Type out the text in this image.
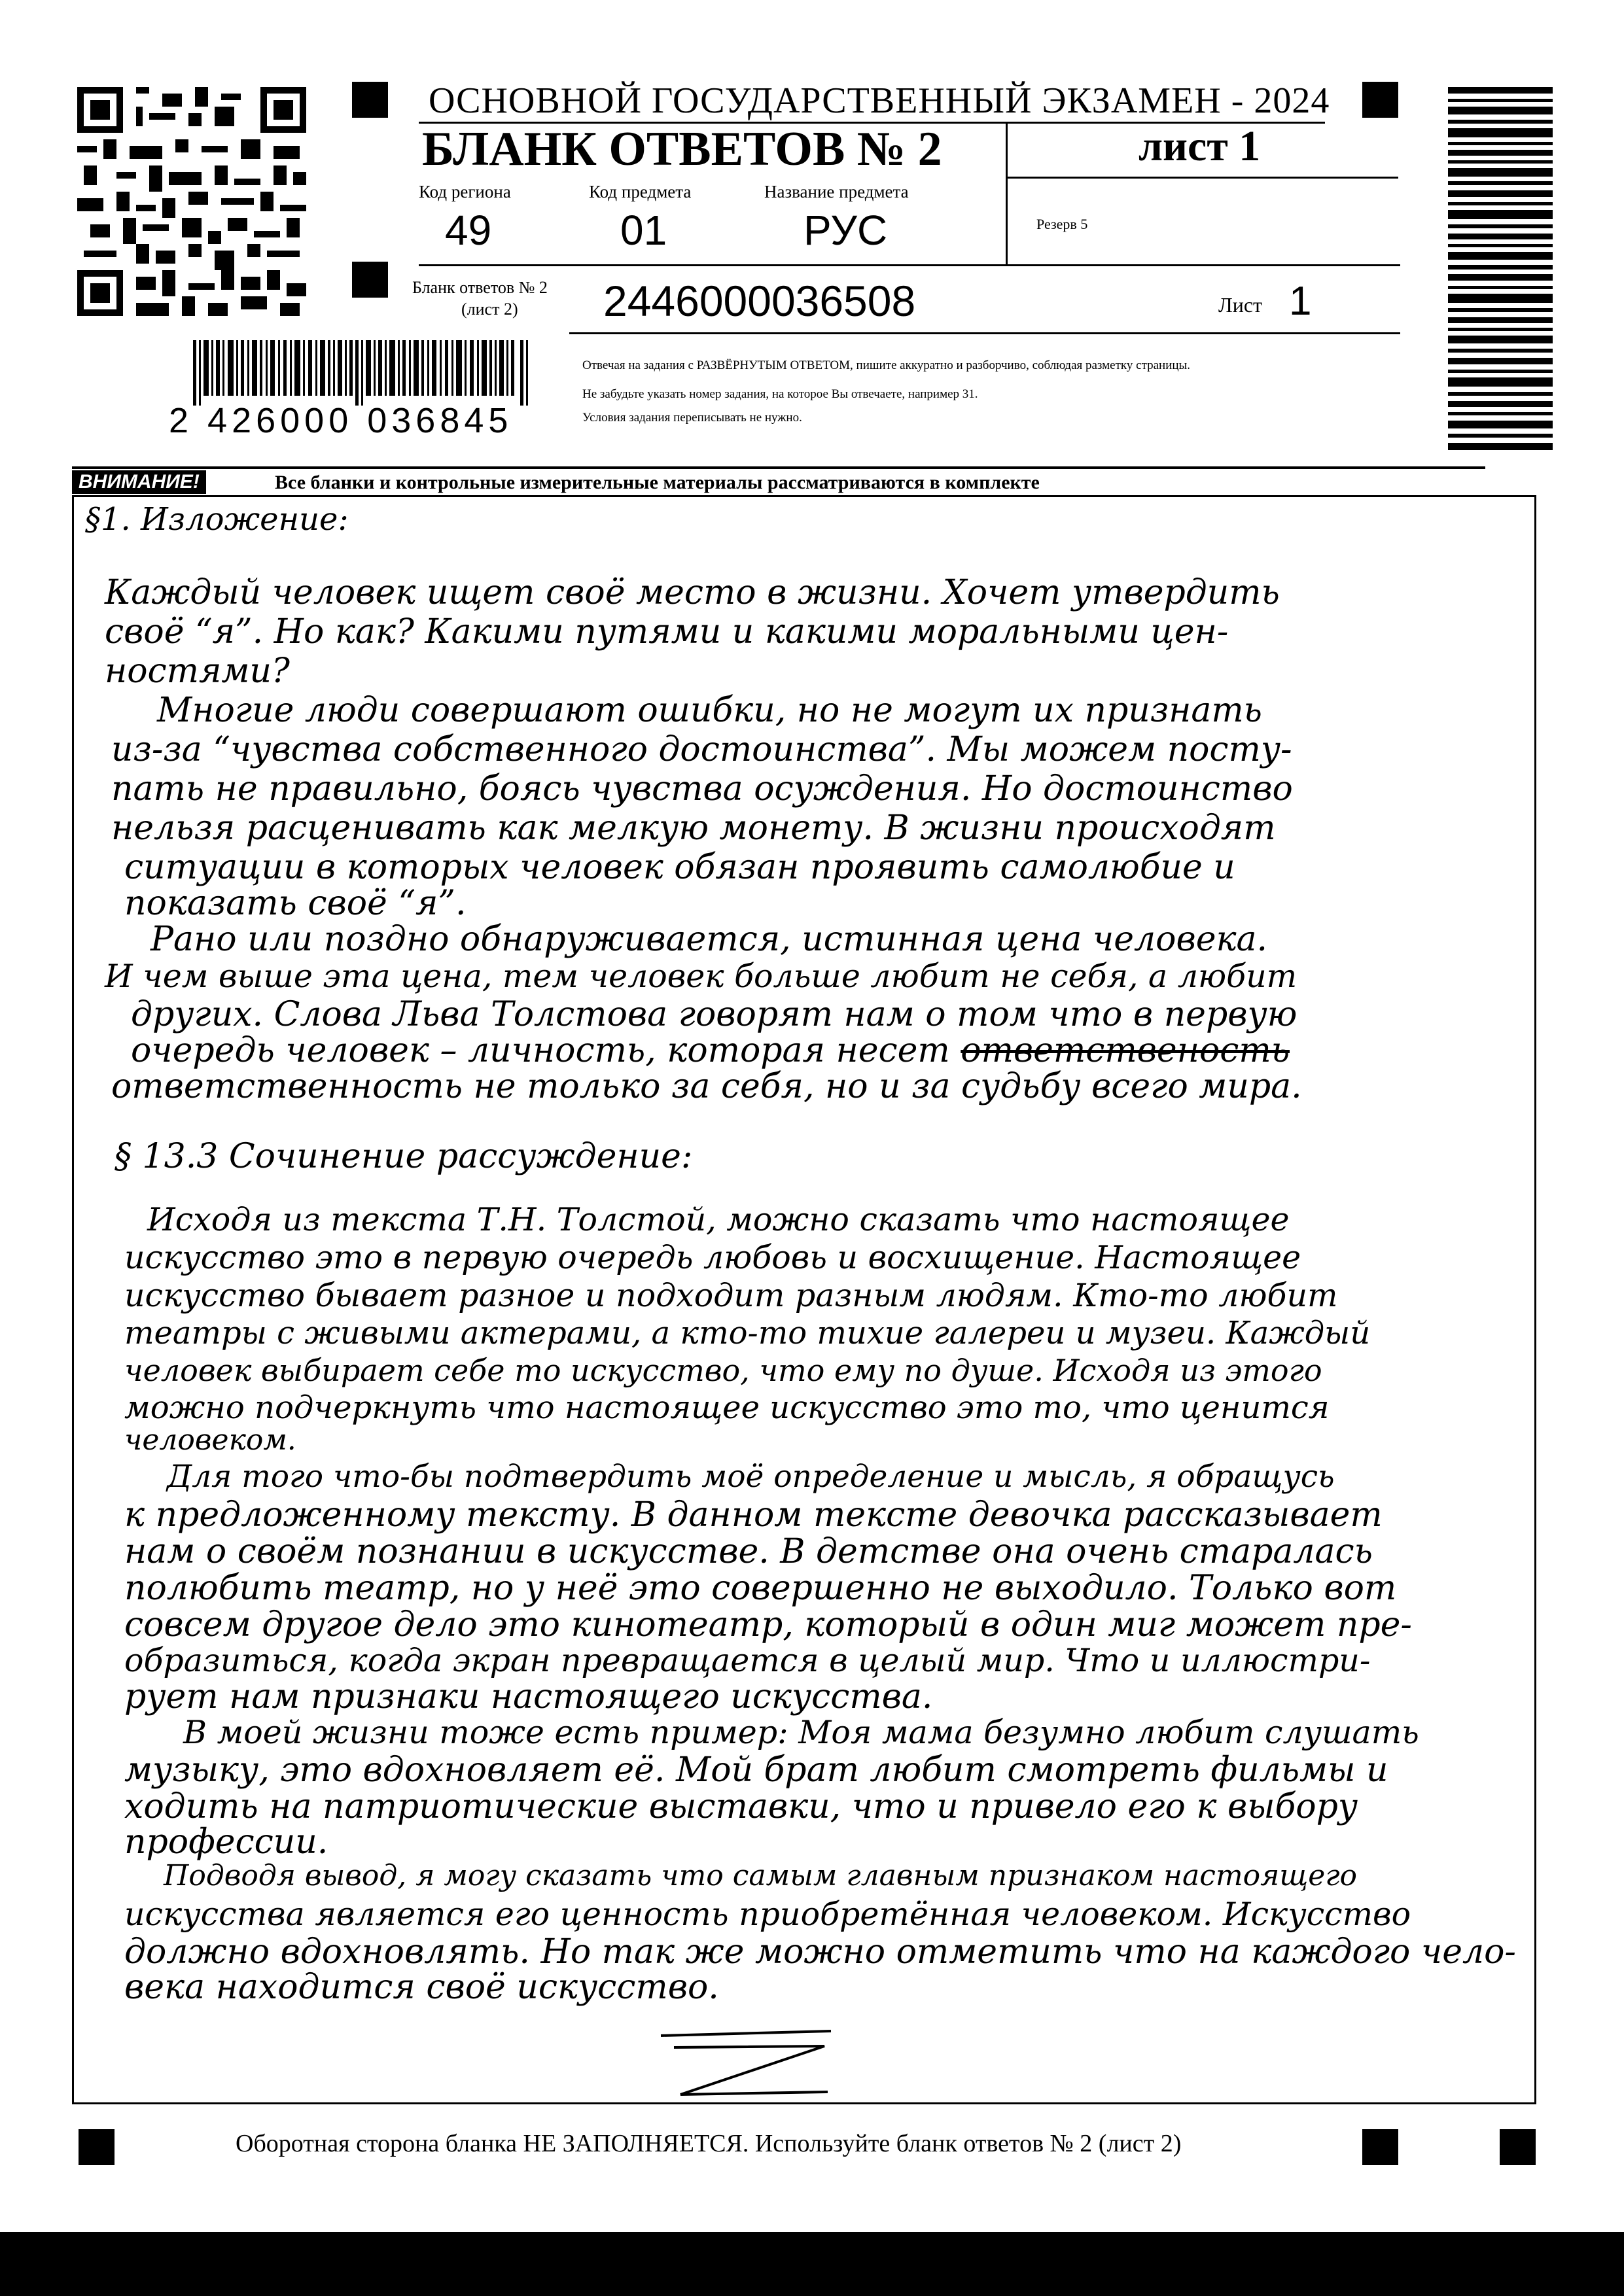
ОСНОВНОЙ ГОСУДАРСТВЕННЫЙ ЭКЗАМЕН - 2024
БЛАНК ОТВЕТОВ № 2	лист 1
Код региона
49
Код предмета
01
Название предмета
РУС	Резерв 5
Бланк ответов № 2
(лист 2) 2446000036508	Лист 1
Отвечая на задания с РАЗВЁРНУТЫМ ОТВЕТОМ, пишите аккуратно и разборчиво, соблюдая разметку страницы.
Не забудьте указать номер задания, на которое Вы отвечаете, например 31.
Условия задания переписывать не нужно.
2 426000 036845
ВНИМАНИЕ!	Все бланки и контрольные измерительные материалы рассматриваются в комплекте
§1. Изложение:
Каждый человек ищет своё место в жизни. Хочет утвердить
своё “я”. Но как? Какими путями и какими моральными цен-
ностями?
Многие люди совершают ошибки, но не могут их признать
из-за “чувства собственного достоинства”. Мы можем посту-
пать не правильно, боясь чувства осуждения. Но достоинство
нельзя расценивать как мелкую монету. В жизни происходят
ситуации в которых человек обязан проявить самолюбие и
показать своё “я”.
Рано или поздно обнаруживается, истинная цена человека.
И чем выше эта цена, тем человек больше любит не себя, а любит
других. Слова Льва Толстова говорят нам о том что в первую
очередь человек – личность, которая несет ответственость
ответственность не только за себя, но и за судьбу всего мира.
§ 13.3 Сочинение рассуждение:
Исходя из текста Т.Н. Толстой, можно сказать что настоящее
искусство это в первую очередь любовь и восхищение. Настоящее
искусство бывает разное и подходит разным людям. Кто-то любит
театры с живыми актерами, а кто-то тихие галереи и музеи. Каждый
человек выбирает себе то искусство, что ему по душе. Исходя из этого
можно подчеркнуть что настоящее искусство это то, что ценится
человеком.
Для того что-бы подтвердить моё определение и мысль, я обращусь
к предложенному тексту. В данном тексте девочка рассказывает
нам о своём познании в искусстве. В детстве она очень старалась
полюбить театр, но у неё это совершенно не выходило. Только вот
совсем другое дело это кинотеатр, который в один миг может пре-
образиться, когда экран превращается в целый мир. Что и иллюстри-
рует нам признаки настоящего искусства.
В моей жизни тоже есть пример: Моя мама безумно любит слушать
музыку, это вдохновляет её. Мой брат любит смотреть фильмы и
ходить на патриотические выставки, что и привело его к выбору
профессии.
Подводя вывод, я могу сказать что самым главным признаком настоящего
искусства является его ценность приобретённая человеком. Искусство
должно вдохновлять. Но так же можно отметить что на каждого чело-
века находится своё искусство.
Оборотная сторона бланка НЕ ЗАПОЛНЯЕТСЯ. Используйте бланк ответов № 2 (лист 2)
